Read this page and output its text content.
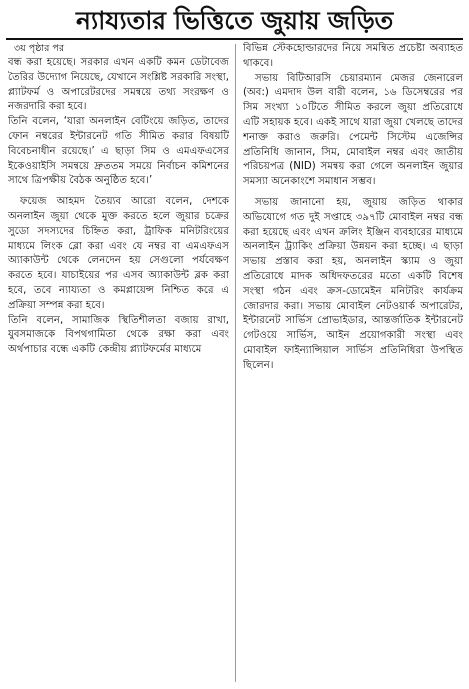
ন্যায্যতার ভিত্তিতে জুয়ায় জড়িত

৩য় পৃষ্ঠার পর

বন্ধ করা হয়েছে। সরকার এখন একটি কমন ডেটাবেজ তৈরির উদ্যোগ নিয়েছে, যেখানে সংশ্লিষ্ট সরকারি সংস্থা, প্ল্যাটফর্ম ও অপারেটরদের সমন্বয়ে তথ্য সংরক্ষণ ও নজরদারি করা হবে।

তিনি বলেন, ‘যারা অনলাইন বেটিংয়ে জড়িত, তাদের ফোন নম্বরের ইন্টারনেট গতি সীমিত করার বিষয়টি বিবেচনাধীন রয়েছে।’ এ ছাড়া সিম ও এমএফএসের ইকেওয়াইসি সমন্বয়ে দ্রুততম সময়ে নির্বাচন কমিশনের সাথে ত্রিপক্ষীয় বৈঠক অনুষ্ঠিত হবে।’

ফয়েজ আহমদ তৈয়্যব আরো বলেন, দেশকে অনলাইন জুয়া থেকে মুক্ত করতে হলে জুয়ার চক্রের সুডো সদস্যদের চিহ্নিত করা, ট্রাফিক মনিটরিংয়ের মাধ্যমে লিংক ব্লো করা এবং যে নম্বর বা এমএফএস অ্যাকাউন্ট থেকে লেনদেন হয় সেগুলো পর্যবেক্ষণ করতে হবে। যাচাইয়ের পর এসব অ্যাকাউন্ট ব্লক করা হবে, তবে ন্যায্যতা ও কমপ্লায়েন্স নিশ্চিত করে এ প্রক্রিয়া সম্পন্ন করা হবে।

তিনি বলেন, সামাজিক স্থিতিশীলতা বজায় রাখা, যুবসমাজকে বিপথগামিতা থেকে রক্ষা করা এবং অর্থপাচার বন্ধে একটি কেন্দ্রীয় প্ল্যাটফর্মের মাধ্যমে

বিভিন্ন স্টেকহোল্ডারদের নিয়ে সমন্বিত প্রচেষ্টা অব্যাহত থাকবে।

সভায় বিটিআরসি চেয়ারম্যান মেজর জেনারেল (অব:) এমদাদ উল বারী বলেন, ১৬ ডিসেম্বরের পর সিম সংখ্যা ১০টিতে সীমিত করলে জুয়া প্রতিরোধে এটি সহায়ক হবে। একই সাথে যারা জুয়া খেলছে তাদের শনাক্ত করাও জরুরি। পেমেন্ট সিস্টেম এজেন্সির প্রতিনিধি জানান, সিম, মোবাইল নম্বর এবং জাতীয় পরিচয়পত্র (NID) সমন্বয় করা গেলে অনলাইন জুয়ার সমস্যা অনেকাংশে সমাধান সম্ভব।

সভায় জানানো হয়, জুয়ায় জড়িত থাকার অভিযোগে গত দুই সপ্তাহে ৩৯৭টি মোবাইল নম্বর বন্ধ করা হয়েছে এবং এখন ক্রলিং ইঞ্জিন ব্যবহারের মাধ্যমে অনলাইন ট্র্যাকিং প্রক্রিয়া উন্নয়ন করা হচ্ছে। এ ছাড়া সভায় প্রস্তাব করা হয়, অনলাইন স্ক্যাম ও জুয়া প্রতিরোধে মাদক অধিদফতরের মতো একটি বিশেষ সংস্থা গঠন এবং ক্রস-ডোমেইন মনিটরিং কার্যক্রম জোরদার করা। সভায় মোবাইল নেটওয়ার্ক অপারেটর, ইন্টারনেট সার্ভিস প্রোভাইডার, আন্তর্জাতিক ইন্টারনেট গেটওয়ে সার্ভিস, আইন প্রয়োগকারী সংস্থা এবং মোবাইল ফাইন্যান্সিয়াল সার্ভিস প্রতিনিধিরা উপস্থিত ছিলেন।
